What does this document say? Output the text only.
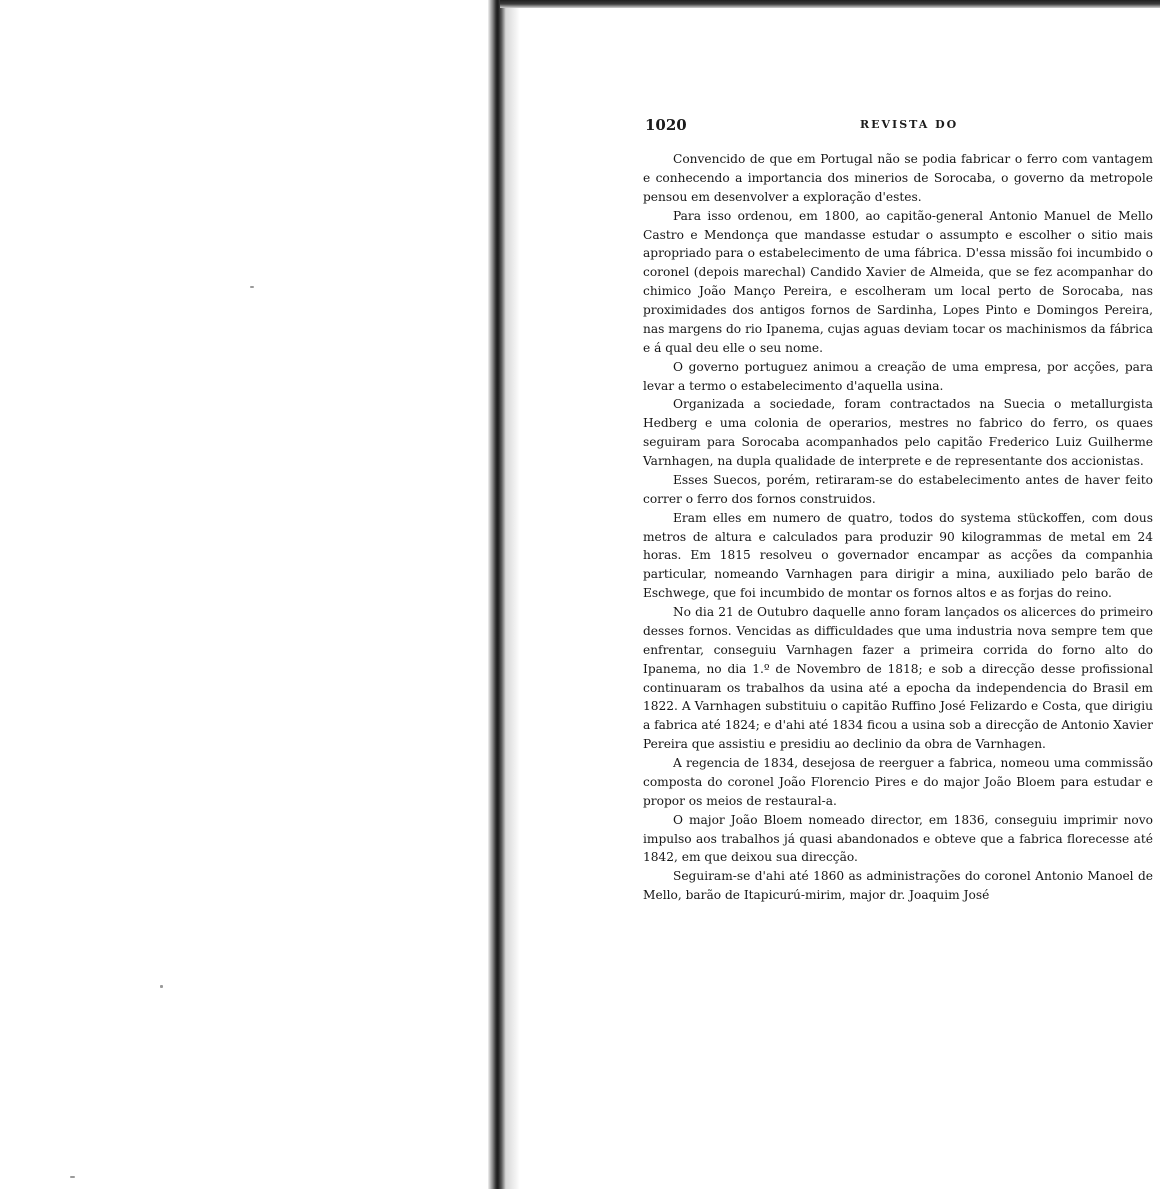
1020	REVISTA DO

Convencido de que em Portugal não se podia fabricar o ferro com vantagem e conhecendo a importancia dos minerios de Sorocaba, o governo da metropole pensou em desenvolver a exploração d'estes.

Para isso ordenou, em 1800, ao capitão-general Antonio Manuel de Mello Castro e Mendonça que mandasse estudar o assumpto e escolher o sitio mais apropriado para o estabelecimento de uma fábrica. D'essa missão foi incumbido o coronel (depois marechal) Candido Xavier de Almeida, que se fez acompanhar do chimico João Manço Pereira, e escolheram um local perto de Sorocaba, nas proximidades dos antigos fornos de Sardinha, Lopes Pinto e Domingos Pereira, nas margens do rio Ipanema, cujas aguas deviam tocar os machinismos da fábrica e á qual deu elle o seu nome.

O governo portuguez animou a creação de uma empresa, por acções, para levar a termo o estabelecimento d'aquella usina.

Organizada a sociedade, foram contractados na Suecia o metallurgista Hedberg e uma colonia de operarios, mestres no fabrico do ferro, os quaes seguiram para Sorocaba acompanhados pelo capitão Frederico Luiz Guilherme Varnhagen, na dupla qualidade de interprete e de representante dos accionistas.

Esses Suecos, porém, retiraram-se do estabelecimento antes de haver feito correr o ferro dos fornos construidos.

Eram elles em numero de quatro, todos do systema stückoffen, com dous metros de altura e calculados para produzir 90 kilogrammas de metal em 24 horas. Em 1815 resolveu o governador encampar as acções da companhia particular, nomeando Varnhagen para dirigir a mina, auxiliado pelo barão de Eschwege, que foi incumbido de montar os fornos altos e as forjas do reino.

No dia 21 de Outubro daquelle anno foram lançados os alicerces do primeiro desses fornos. Vencidas as difficuldades que uma industria nova sempre tem que enfrentar, conseguiu Varnhagen fazer a primeira corrida do forno alto do Ipanema, no dia 1.º de Novembro de 1818; e sob a direcção desse profissional continuaram os trabalhos da usina até a epocha da independencia do Brasil em 1822. A Varnhagen substituiu o capitão Ruffino José Felizardo e Costa, que dirigiu a fabrica até 1824; e d'ahi até 1834 ficou a usina sob a direcção de Antonio Xavier Pereira que assistiu e presidiu ao declinio da obra de Varnhagen.

A regencia de 1834, desejosa de reerguer a fabrica, nomeou uma commissão composta do coronel João Florencio Pires e do major João Bloem para estudar e propor os meios de restaural-a.

O major João Bloem nomeado director, em 1836, conseguiu imprimir novo impulso aos trabalhos já quasi abandonados e obteve que a fabrica florecesse até 1842, em que deixou sua direcção.

Seguiram-se d'ahi até 1860 as administrações do coronel Antonio Manoel de Mello, barão de Itapicurú-mirim, major dr. Joaquim José
